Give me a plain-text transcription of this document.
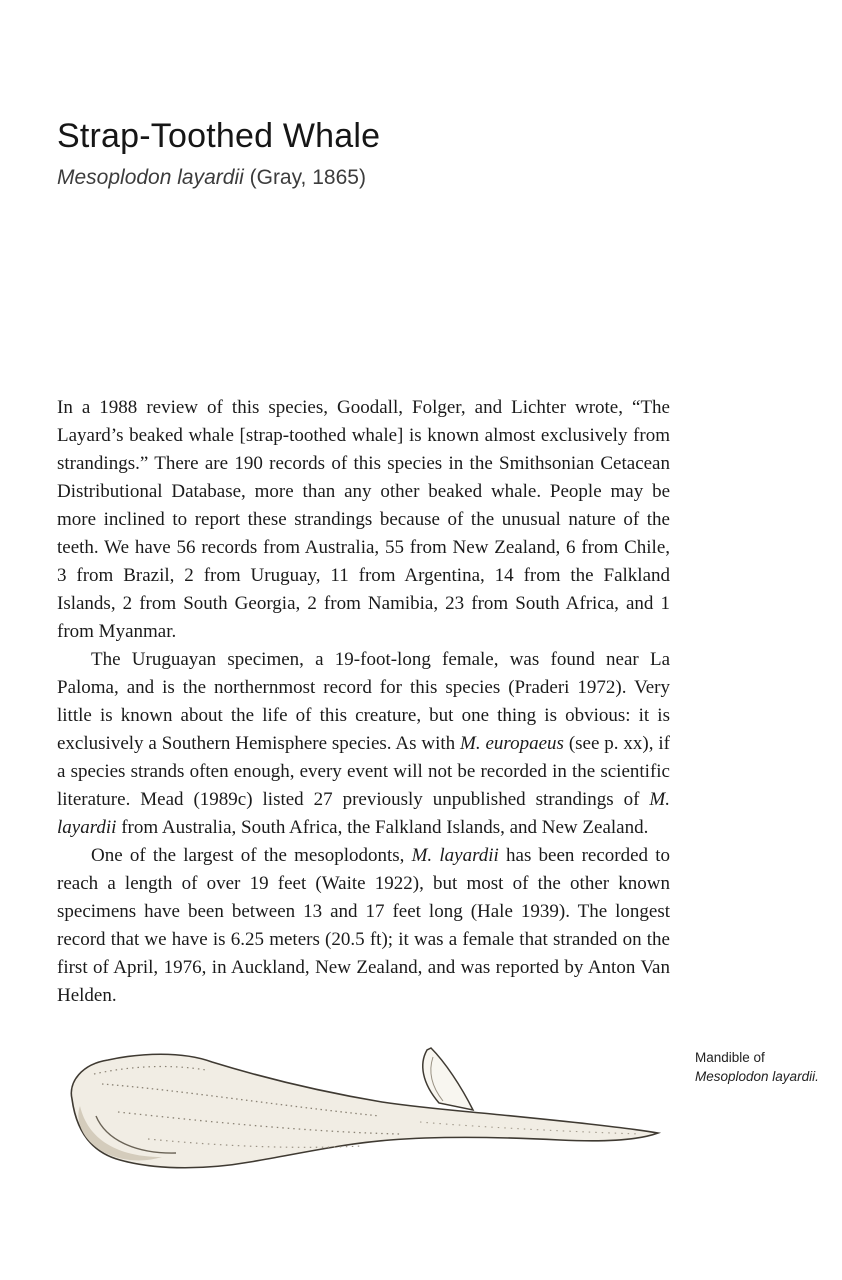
Strap-Toothed Whale
Mesoplodon layardii (Gray, 1865)

In a 1988 review of this species, Goodall, Folger, and Lichter wrote, “The Layard’s beaked whale [strap-toothed whale] is known almost exclusively from strandings.” There are 190 records of this species in the Smithsonian Cetacean Distributional Database, more than any other beaked whale. People may be more inclined to report these strandings because of the unusual nature of the teeth. We have 56 records from Australia, 55 from New Zealand, 6 from Chile, 3 from Brazil, 2 from Uruguay, 11 from Argentina, 14 from the Falkland Islands, 2 from South Georgia, 2 from Namibia, 23 from South Africa, and 1 from Myanmar.

The Uruguayan specimen, a 19-foot-long female, was found near La Paloma, and is the northernmost record for this species (Praderi 1972). Very little is known about the life of this creature, but one thing is obvious: it is exclusively a Southern Hemisphere species. As with M. europaeus (see p. xx), if a species strands often enough, every event will not be recorded in the scientific literature. Mead (1989c) listed 27 previously unpublished strandings of M. layardii from Australia, South Africa, the Falkland Islands, and New Zealand.

One of the largest of the mesoplodonts, M. layardii has been recorded to reach a length of over 19 feet (Waite 1922), but most of the other known specimens have been between 13 and 17 feet long (Hale 1939). The longest record that we have is 6.25 meters (20.5 ft); it was a female that stranded on the first of April, 1976, in Auckland, New Zealand, and was reported by Anton Van Helden.

Mandible of
Mesoplodon layardii.
